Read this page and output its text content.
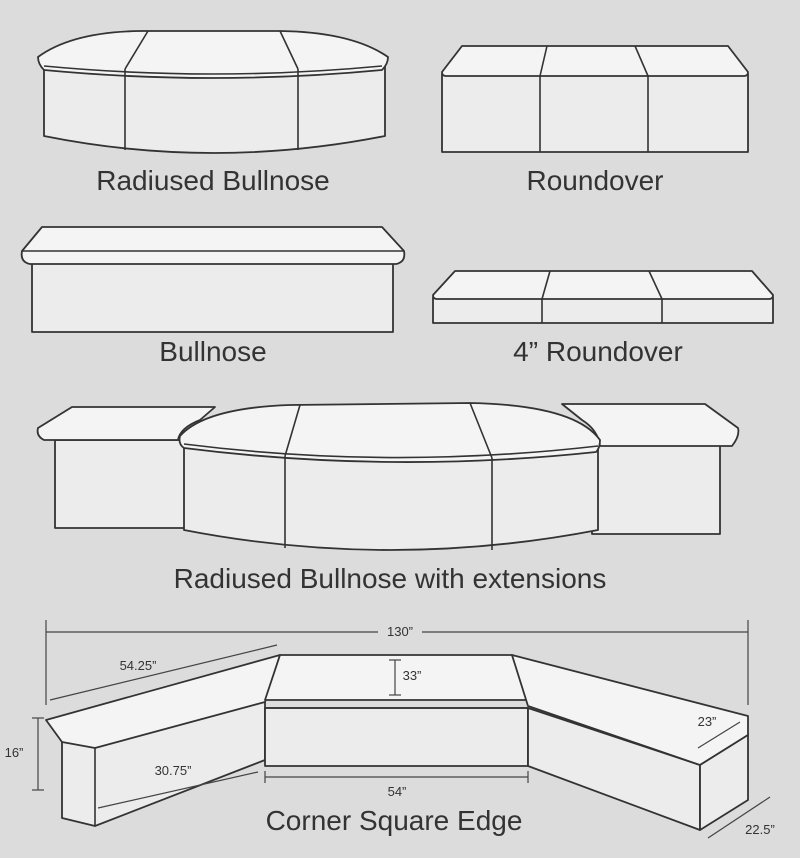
Radiused Bullnose	Roundover
Bullnose	4” Roundover
Radiused Bullnose with extensions
130”
54.25”
33”
16”
30.75”
54”
23”
22.5”
Corner Square Edge
